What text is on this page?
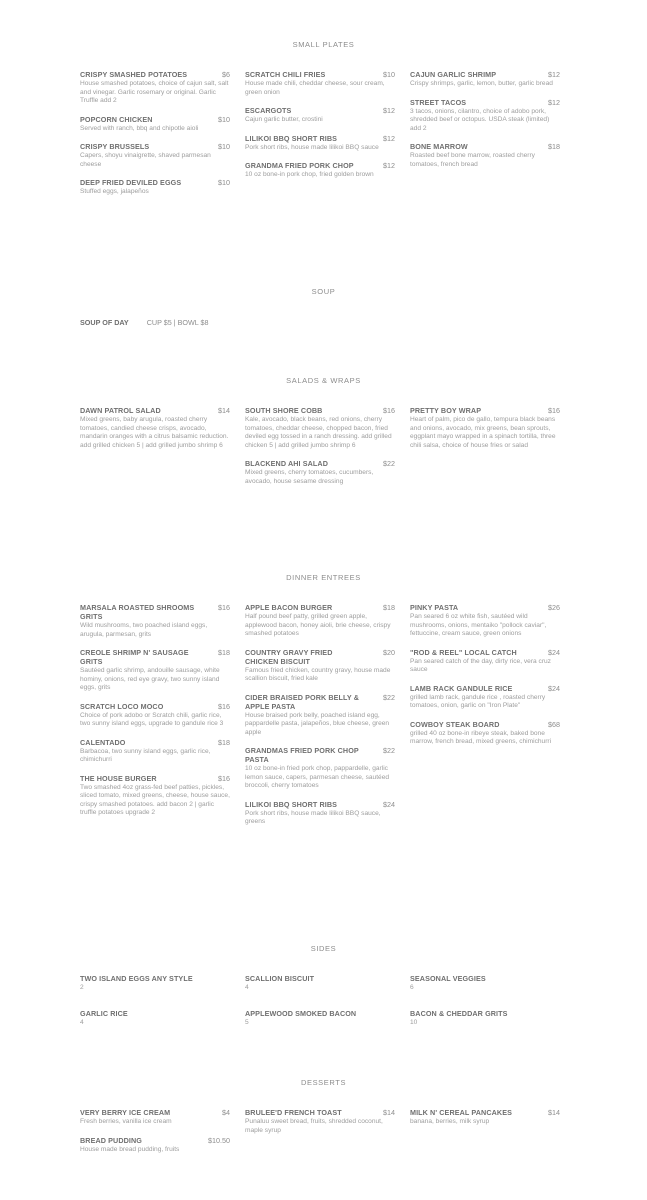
SMALL PLATES
CRISPY SMASHED POTATOES	$6
House smashed potatoes, choice of cajun salt, salt and vinegar. Garlic rosemary or original. Garlic Truffle add 2
POPCORN CHICKEN	$10
Served with ranch, bbq and chipotle aioli
CRISPY BRUSSELS	$10
Capers, shoyu vinaigrette, shaved parmesan cheese
DEEP FRIED DEVILED EGGS	$10
Stuffed eggs, jalapeños
SCRATCH CHILI FRIES	$10
House made chili, cheddar cheese, sour cream, green onion
ESCARGOTS	$12
Cajun garlic butter, crostini
LILIKOI BBQ SHORT RIBS	$12
Pork short ribs, house made lilikoi BBQ sauce
GRANDMA FRIED PORK CHOP	$12
10 oz bone-in pork chop, fried golden brown
CAJUN GARLIC SHRIMP	$12
Crispy shrimps, garlic, lemon, butter, garlic bread
STREET TACOS	$12
3 tacos, onions, cilantro, choice of adobo pork, shredded beef or octopus. USDA steak (limited) add 2
BONE MARROW	$18
Roasted beef bone marrow, roasted cherry tomatoes, french bread
SOUP
SOUP OF DAY	CUP $5 | BOWL $8
SALADS & WRAPS
DAWN PATROL SALAD	$14
Mixed greens, baby arugula, roasted cherry tomatoes, candied cheese crisps, avocado, mandarin oranges with a citrus balsamic reduction. add grilled chicken 5 | add grilled jumbo shrimp 6
SOUTH SHORE COBB	$16
Kale, avocado, black beans, red onions, cherry tomatoes, cheddar cheese, chopped bacon, fried deviled egg tossed in a ranch dressing. add grilled chicken 5 | add grilled jumbo shrimp 6
BLACKEND AHI SALAD	$22
Mixed greens, cherry tomatoes, cucumbers, avocado, house sesame dressing
PRETTY BOY WRAP	$16
Heart of palm, pico de gallo, tempura black beans and onions, avocado, mix greens, bean sprouts, eggplant mayo wrapped in a spinach tortilla, three chili salsa, choice of house fries or salad
DINNER ENTREES
MARSALA ROASTED SHROOMS GRITS
$16
Wild mushrooms, two poached island eggs, arugula, parmesan, grits
CREOLE SHRIMP N' SAUSAGE GRITS
$18
Sautéed garlic shrimp, andouille sausage, white hominy, onions, red eye gravy, two sunny island eggs, grits
SCRATCH LOCO MOCO	$16
Choice of pork adobo or Scratch chili, garlic rice, two sunny island eggs, upgrade to gandule rice 3
CALENTADO	$18
Barbacoa, two sunny island eggs, garlic rice, chimichurri
THE HOUSE BURGER	$16
Two smashed 4oz grass-fed beef patties, pickles, sliced tomato, mixed greens, cheese, house sauce, crispy smashed potatoes. add bacon 2 | garlic truffle potatoes upgrade 2
APPLE BACON BURGER	$18
Half pound beef patty, grilled green apple, applewood bacon, honey aioli, brie cheese, crispy smashed potatoes
COUNTRY GRAVY FRIED CHICKEN BISCUIT
$20
Famous fried chicken, country gravy, house made scallion biscuit, fried kale
CIDER BRAISED PORK BELLY & APPLE PASTA
$22
House braised pork belly, poached island egg, pappardelle pasta, jalapeños, blue cheese, green apple
GRANDMAS FRIED PORK CHOP PASTA
$22
10 oz bone-in fried pork chop, pappardelle, garlic lemon sauce, capers, parmesan cheese, sautéed broccoli, cherry tomatoes
LILIKOI BBQ SHORT RIBS	$24
Pork short ribs, house made lilikoi BBQ sauce, greens
PINKY PASTA	$26
Pan seared 6 oz white fish, sautéed wild mushrooms, onions, mentaiko "pollock caviar", fettuccine, cream sauce, green onions
"ROD & REEL" LOCAL CATCH	$24
Pan seared catch of the day, dirty rice, vera cruz sauce
LAMB RACK GANDULE RICE	$24
grilled lamb rack, gandule rice , roasted cherry tomatoes, onion, garlic on "Iron Plate"
COWBOY STEAK BOARD	$68
grilled 40 oz bone-in ribeye steak, baked bone marrow, french bread, mixed greens, chimichurri
SIDES
TWO ISLAND EGGS ANY STYLE
2
GARLIC RICE
4
SCALLION BISCUIT
4
APPLEWOOD SMOKED BACON
5
SEASONAL VEGGIES
6
BACON & CHEDDAR GRITS
10
DESSERTS
VERY BERRY ICE CREAM	$4
Fresh berries, vanilla ice cream
BREAD PUDDING	$10.50
House made bread pudding, fruits
BRULEE'D FRENCH TOAST	$14
Punaluu sweet bread, fruits, shredded coconut, maple syrup
MILK N' CEREAL PANCAKES	$14
banana, berries, milk syrup
